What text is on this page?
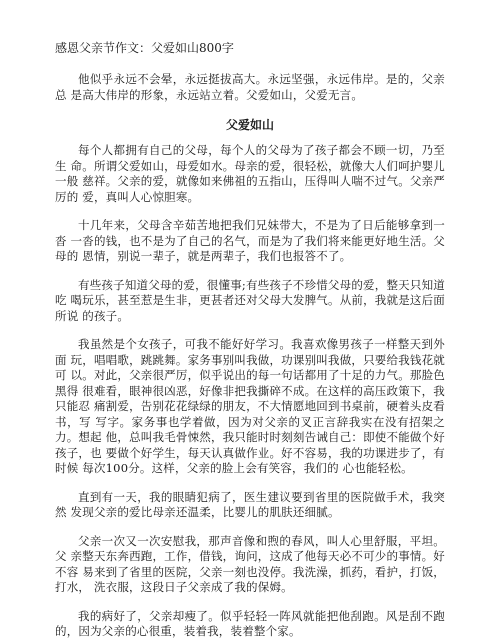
感恩父亲节作文：父爱如山800字

他似乎永远不会晕，永远挺拔高大。永远坚强，永远伟岸。是的，父亲总 是高大伟岸的形象，永远站立着。父爱如山，父爱无言。

父爱如山

每个人都拥有自己的父母，每个人的父母为了孩子都会不顾一切，乃至生 命。所谓父爱如山，母爱如水。母亲的爱，很轻松，就像大人们呵护婴儿一般 慈祥。父亲的爱，就像如来佛祖的五指山，压得叫人喘不过气。父亲严厉的 爱，真叫人心惊胆寒。

十几年来，父母含辛茹苦地把我们兄妹带大，不是为了日后能够拿到一沓 一沓的钱，也不是为了自己的名气，而是为了我们将来能更好地生活。父母的 恩情，别说一辈子，就是两辈子，我们也报答不了。

有些孩子知道父母的爱，很懂事;有些孩子不珍惜父母的爱，整天只知道吃 喝玩乐，甚至惹是生非，更甚者还对父母大发脾气。从前，我就是这后面所说 的孩子。

我虽然是个女孩子，可我不能好好学习。我喜欢像男孩子一样整天到外面 玩，唱唱歌，跳跳舞。家务事别叫我做，功课别叫我做，只要给我钱花就可 以。对此，父亲很严厉，似乎说出的每一句话都用了十足的力气。那脸色黑得 很难看，眼神很凶恶，好像非把我撕碎不成。在这样的高压政策下，我只能忍 痛割爱，告别花花绿绿的朋友，不大情愿地回到书桌前，硬着头皮看书，写 写字。家务事也学着做，因为对父亲的叉正言辞我实在没有招架之力。想起 他，总叫我毛骨悚然，我只能时时刻刻告诫自己：即使不能做个好孩子，也 要做个好学生，每天认真做作业。好不容易，我的功课进步了，有时候 每次100分。这样，父亲的脸上会有笑容，我们的 心也能轻松。

直到有一天，我的眼睛犯病了，医生建议要到省里的医院做手术，我突然 发现父亲的爱比母亲还温柔，比婴儿的肌肤还细腻。

父亲一次又一次安慰我，那声音像和煦的春风，叫人心里舒服，平坦。父 亲整天东奔西跑，工作，借钱，询问，这成了他每天必不可少的事情。好不容 易来到了省里的医院，父亲一刻也没停。我洗澡，抓药，看护，打饭，打水， 洗衣服，这段日子父亲成了我的保姆。

我的病好了，父亲却瘦了。似乎轻轻一阵风就能把他刮跑。风是刮不跑 的，因为父亲的心很重，装着我，装着整个家。
